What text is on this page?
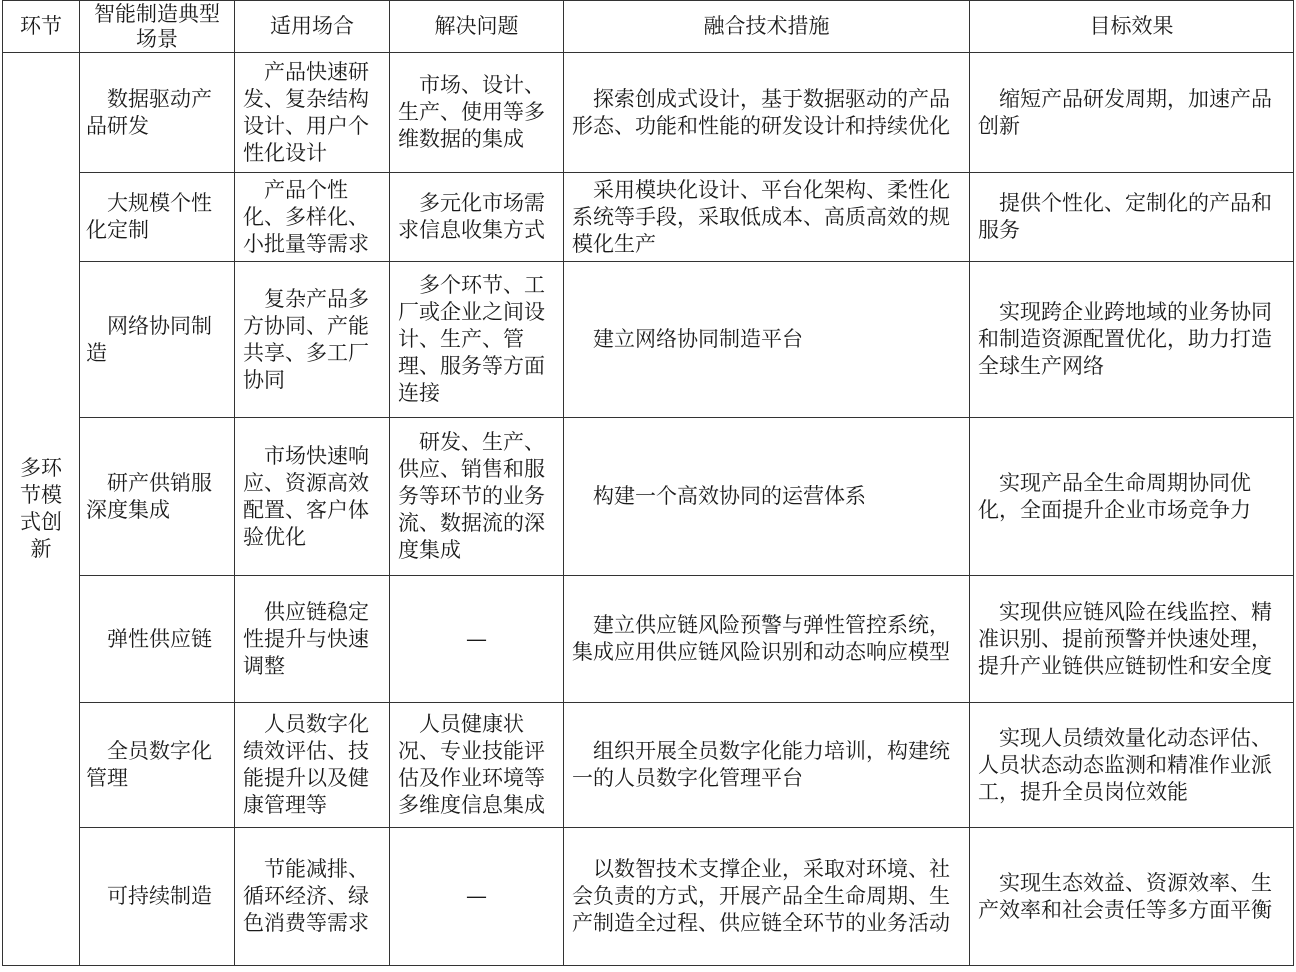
环节	智能制造典型场景	适用场合	解决问题	融合技术措施	目标效果

多环节模式创新	数据驱动产品研发	产品快速研发、复杂结构设计、用户个性化设计	市场、设计、生产、使用等多维数据的集成	探索创成式设计，基于数据驱动的产品形态、功能和性能的研发设计和持续优化	缩短产品研发周期，加速产品创新
	大规模个性化定制	产品个性化、多样化、小批量等需求	多元化市场需求信息收集方式	采用模块化设计、平台化架构、柔性化系统等手段，采取低成本、高质高效的规模化生产	提供个性化、定制化的产品和服务
	网络协同制造	复杂产品多方协同、产能共享、多工厂协同	多个环节、工厂或企业之间设计、生产、管理、服务等方面连接	建立网络协同制造平台	实现跨企业跨地域的业务协同和制造资源配置优化，助力打造全球生产网络
	研产供销服深度集成	市场快速响应、资源高效配置、客户体验优化	研发、生产、供应、销售和服务等环节的业务流、数据流的深度集成	构建一个高效协同的运营体系	实现产品全生命周期协同优化，全面提升企业市场竞争力
	弹性供应链	供应链稳定性提升与快速调整	—	建立供应链风险预警与弹性管控系统，集成应用供应链风险识别和动态响应模型	实现供应链风险在线监控、精准识别、提前预警并快速处理，提升产业链供应链韧性和安全度
	全员数字化管理	人员数字化绩效评估、技能提升以及健康管理等	人员健康状况、专业技能评估及作业环境等多维度信息集成	组织开展全员数字化能力培训，构建统一的人员数字化管理平台	实现人员绩效量化动态评估、人员状态动态监测和精准作业派工，提升全员岗位效能
	可持续制造	节能减排、循环经济、绿色消费等需求	—	以数智技术支撑企业，采取对环境、社会负责的方式，开展产品全生命周期、生产制造全过程、供应链全环节的业务活动	实现生态效益、资源效率、生产效率和社会责任等多方面平衡
